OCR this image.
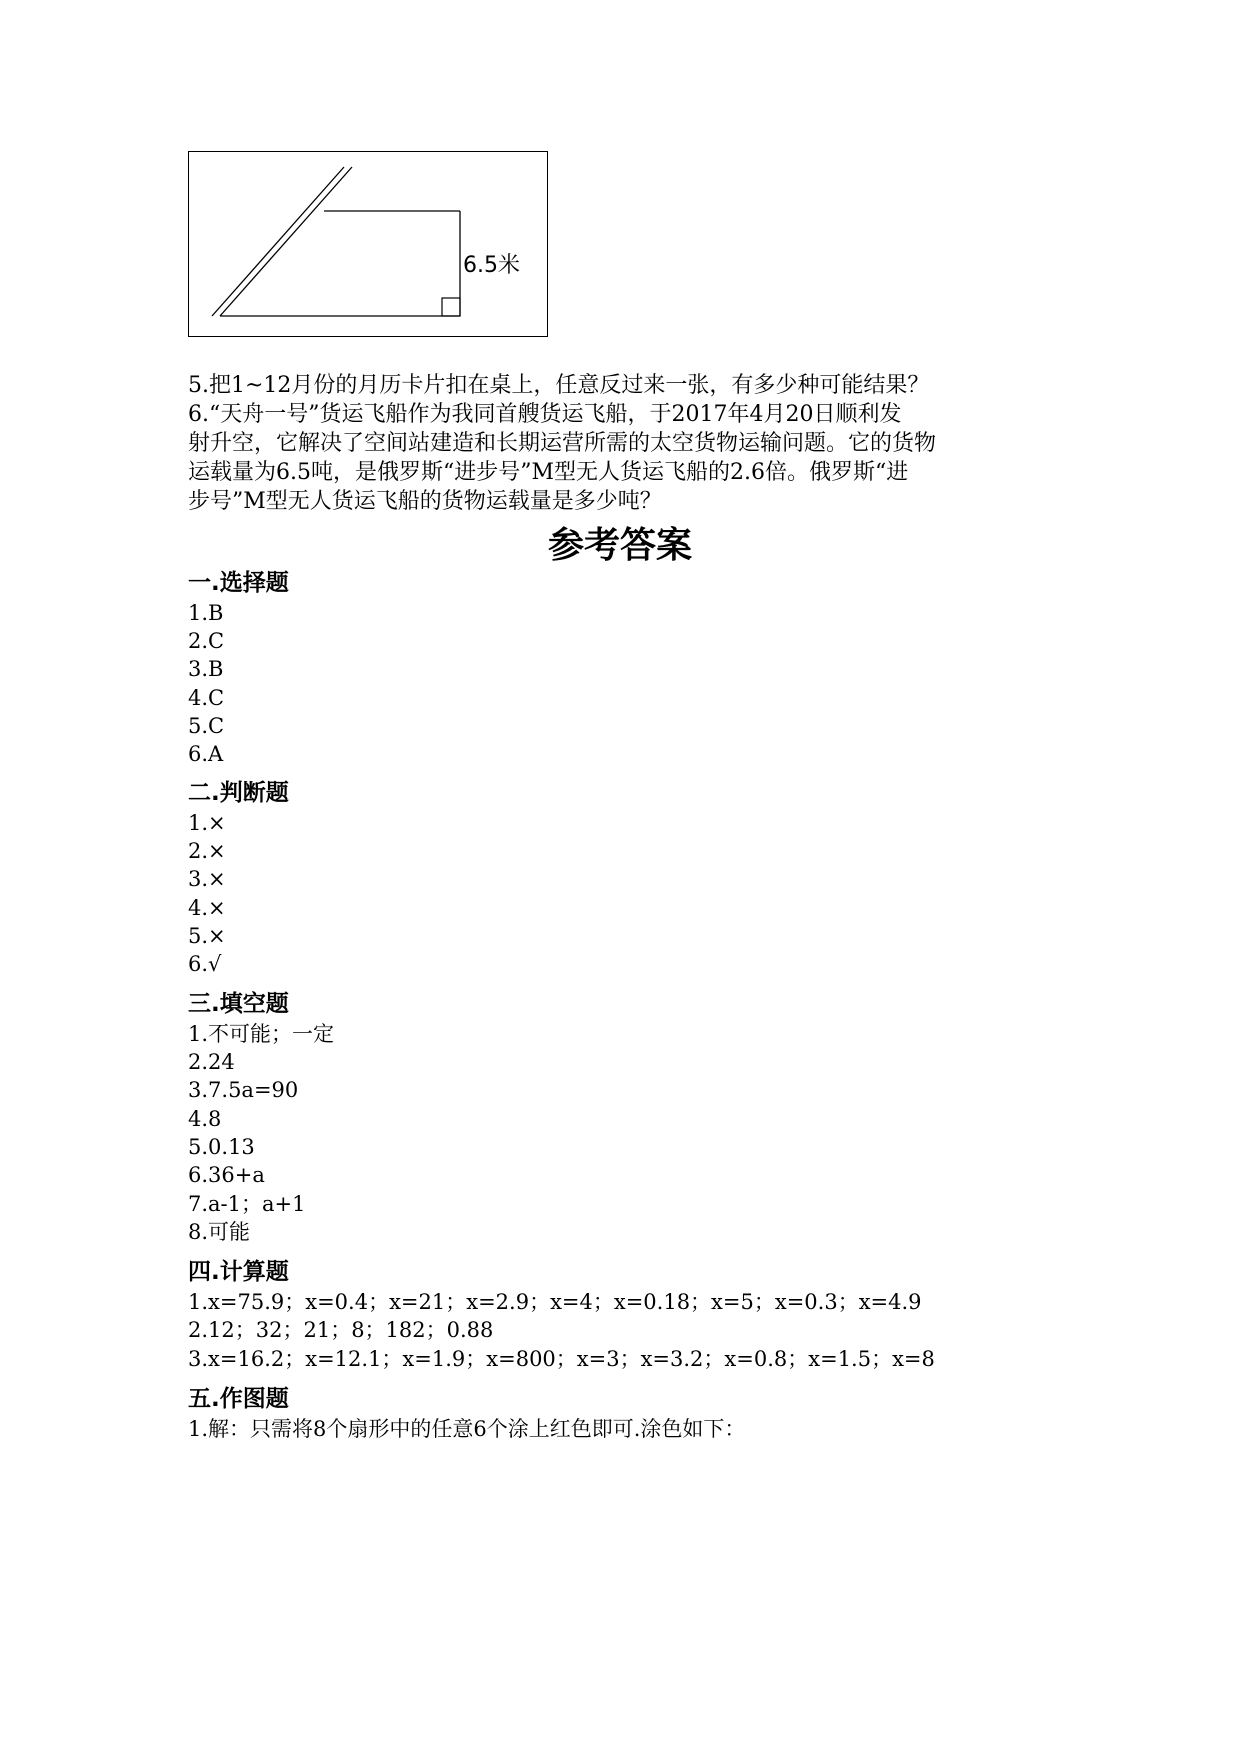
6.5米
5.把1~12月份的月历卡片扣在桌上，任意反过来一张，有多少种可能结果？
6.“天舟一号”货运飞船作为我同首艘货运飞船，于2017年4月20日顺利发
射升空，它解决了空间站建造和长期运营所需的太空货物运输问题。它的货物
运载量为6.5吨，是俄罗斯“进步号”M型无人货运飞船的2.6倍。俄罗斯“进
步号”M型无人货运飞船的货物运载量是多少吨？
参考答案
一.选择题
1.B
2.C
3.B
4.C
5.C
6.A
二.判断题
1.×
2.×
3.×
4.×
5.×
6.√
三.填空题
1.不可能；一定
2.24
3.7.5a=90
4.8
5.0.13
6.36+a
7.a-1；a+1
8.可能
四.计算题
1.x=75.9；x=0.4；x=21；x=2.9；x=4；x=0.18；x=5；x=0.3；x=4.9
2.12；32；21；8；182；0.88
3.x=16.2；x=12.1；x=1.9；x=800；x=3；x=3.2；x=0.8；x=1.5；x=8
五.作图题
1.解：只需将8个扇形中的任意6个涂上红色即可.涂色如下：
